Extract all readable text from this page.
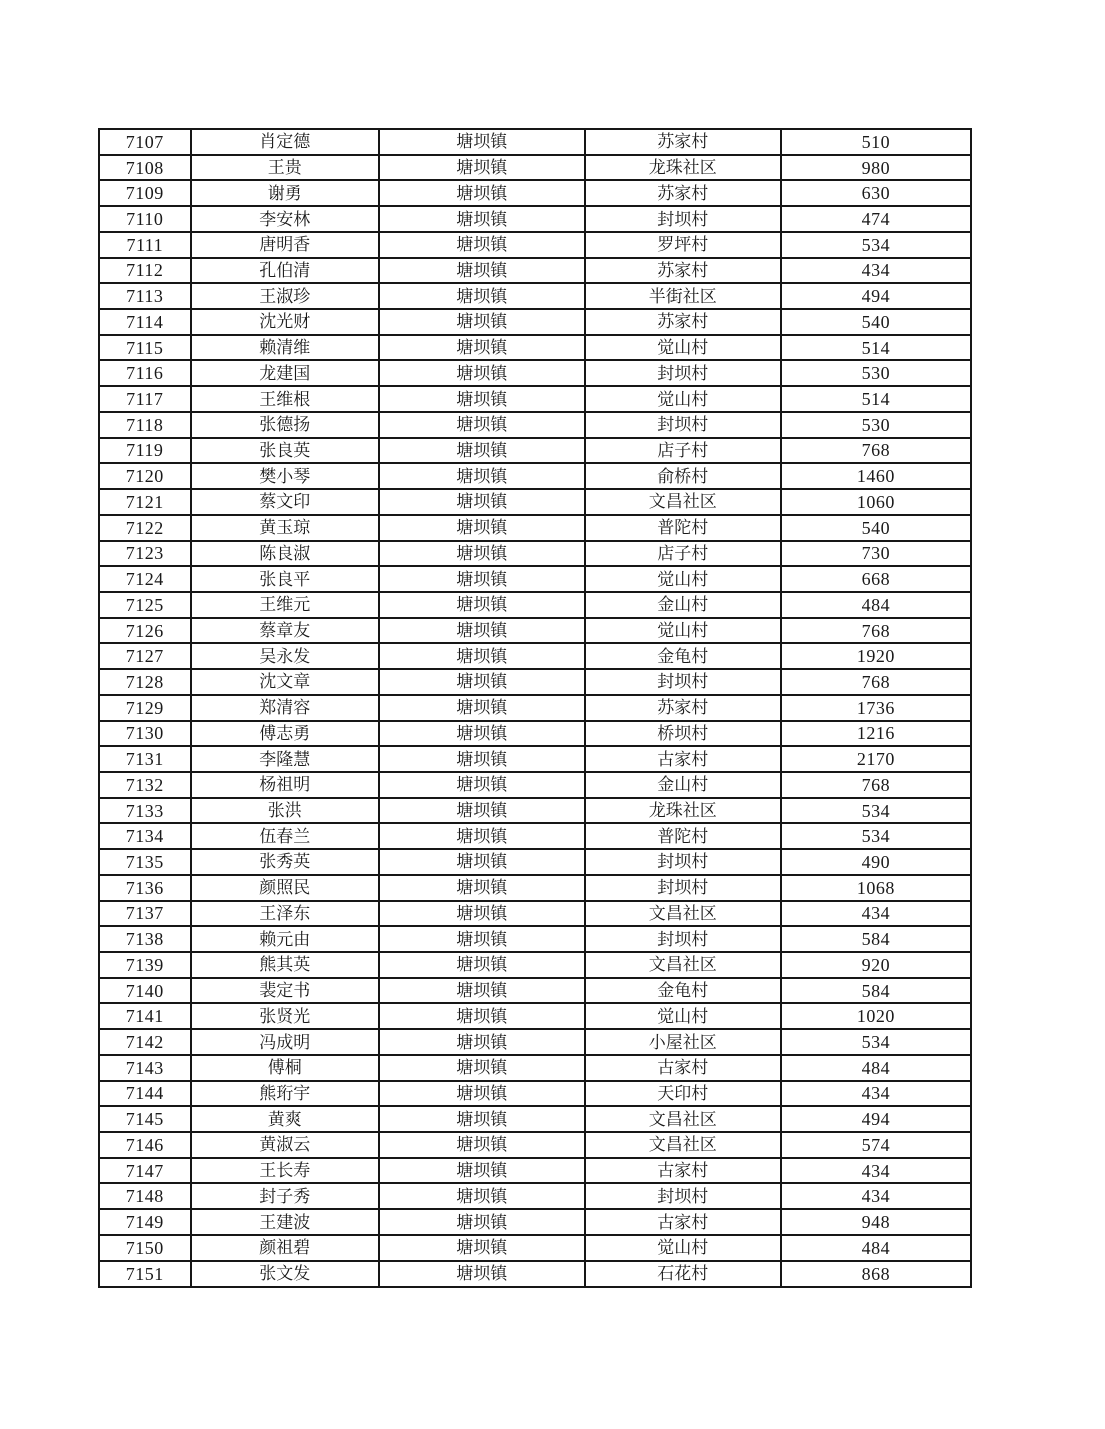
7107	肖定德	塘坝镇	苏家村	510
7108	王贵	塘坝镇	龙珠社区	980
7109	谢勇	塘坝镇	苏家村	630
7110	李安林	塘坝镇	封坝村	474
7111	唐明香	塘坝镇	罗坪村	534
7112	孔伯清	塘坝镇	苏家村	434
7113	王淑珍	塘坝镇	半街社区	494
7114	沈光财	塘坝镇	苏家村	540
7115	赖清维	塘坝镇	觉山村	514
7116	龙建国	塘坝镇	封坝村	530
7117	王维根	塘坝镇	觉山村	514
7118	张德扬	塘坝镇	封坝村	530
7119	张良英	塘坝镇	店子村	768
7120	樊小琴	塘坝镇	俞桥村	1460
7121	蔡文印	塘坝镇	文昌社区	1060
7122	黄玉琼	塘坝镇	普陀村	540
7123	陈良淑	塘坝镇	店子村	730
7124	张良平	塘坝镇	觉山村	668
7125	王维元	塘坝镇	金山村	484
7126	蔡章友	塘坝镇	觉山村	768
7127	吴永发	塘坝镇	金龟村	1920
7128	沈文章	塘坝镇	封坝村	768
7129	郑清容	塘坝镇	苏家村	1736
7130	傅志勇	塘坝镇	桥坝村	1216
7131	李隆慧	塘坝镇	古家村	2170
7132	杨祖明	塘坝镇	金山村	768
7133	张洪	塘坝镇	龙珠社区	534
7134	伍春兰	塘坝镇	普陀村	534
7135	张秀英	塘坝镇	封坝村	490
7136	颜照民	塘坝镇	封坝村	1068
7137	王泽东	塘坝镇	文昌社区	434
7138	赖元由	塘坝镇	封坝村	584
7139	熊其英	塘坝镇	文昌社区	920
7140	裴定书	塘坝镇	金龟村	584
7141	张贤光	塘坝镇	觉山村	1020
7142	冯成明	塘坝镇	小屋社区	534
7143	傅桐	塘坝镇	古家村	484
7144	熊珩宇	塘坝镇	天印村	434
7145	黄爽	塘坝镇	文昌社区	494
7146	黄淑云	塘坝镇	文昌社区	574
7147	王长寿	塘坝镇	古家村	434
7148	封子秀	塘坝镇	封坝村	434
7149	王建波	塘坝镇	古家村	948
7150	颜祖碧	塘坝镇	觉山村	484
7151	张文发	塘坝镇	石花村	868
